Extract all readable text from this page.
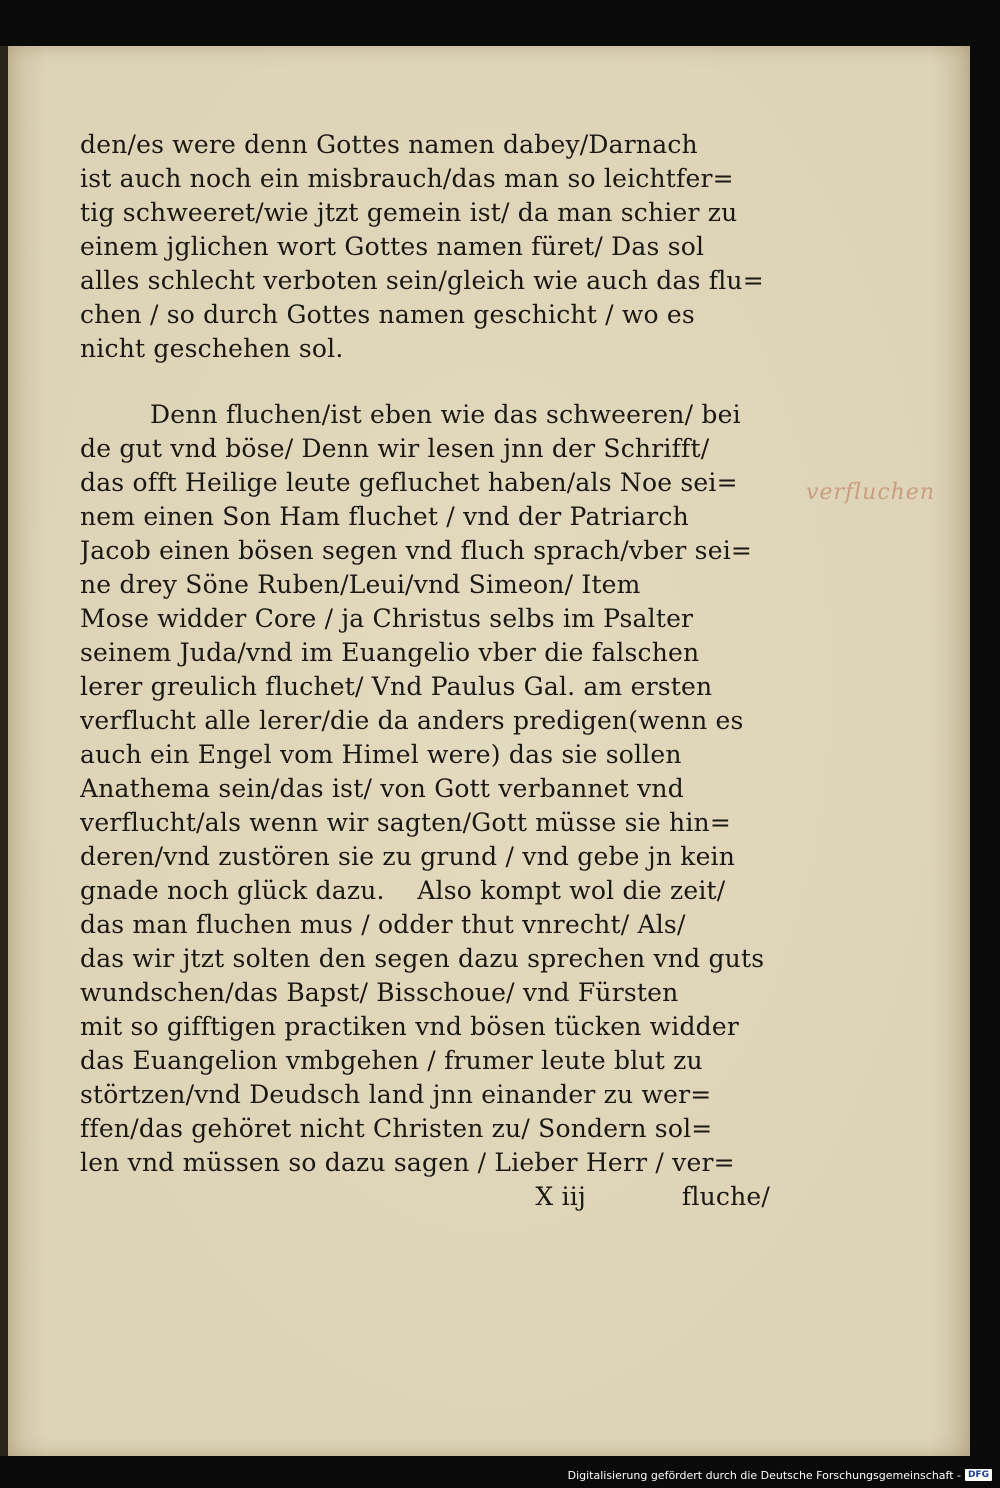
den/es were denn Gottes namen dabey/Darnach
ist auch noch ein misbrauch/das man so leichtfer=
tig schweeret/wie jtzt gemein ist/ da man schier zu
einem jglichen wort Gottes namen füret/ Das sol
alles schlecht verboten sein/gleich wie auch das flu=
chen / so durch Gottes namen geschicht / wo es
nicht geschehen sol.
Denn fluchen/ist eben wie das schweeren/ bei
de gut vnd böse/ Denn wir lesen jnn der Schrifft/
das offt Heilige leute gefluchet haben/als Noe sei=
nem einen Son Ham fluchet / vnd der Patriarch
Jacob einen bösen segen vnd fluch sprach/vber sei=
ne drey Söne Ruben/Leui/vnd Simeon/ Item
Mose widder Core / ja Christus selbs im Psalter
seinem Juda/vnd im Euangelio vber die falschen
lerer greulich fluchet/ Vnd Paulus Gal. am ersten
verflucht alle lerer/die da anders predigen(wenn es
auch ein Engel vom Himel were) das sie sollen
Anathema sein/das ist/ von Gott verbannet vnd
verflucht/als wenn wir sagten/Gott müsse sie hin=
deren/vnd zustören sie zu grund / vnd gebe jn kein
gnade noch glück dazu.    Also kompt wol die zeit/
das man fluchen mus / odder thut vnrecht/ Als/
das wir jtzt solten den segen dazu sprechen vnd guts
wundschen/das Bapst/ Bisschoue/ vnd Fürsten
mit so gifftigen practiken vnd bösen tücken widder
das Euangelion vmbgehen / frumer leute blut zu
störtzen/vnd Deudsch land jnn einander zu wer=
ffen/das gehöret nicht Christen zu/ Sondern sol=
len vnd müssen so dazu sagen / Lieber Herr / ver=
X iij	fluche/
verfluchen
Digitalisierung gefördert durch die Deutsche Forschungsgemeinschaft - DFG
